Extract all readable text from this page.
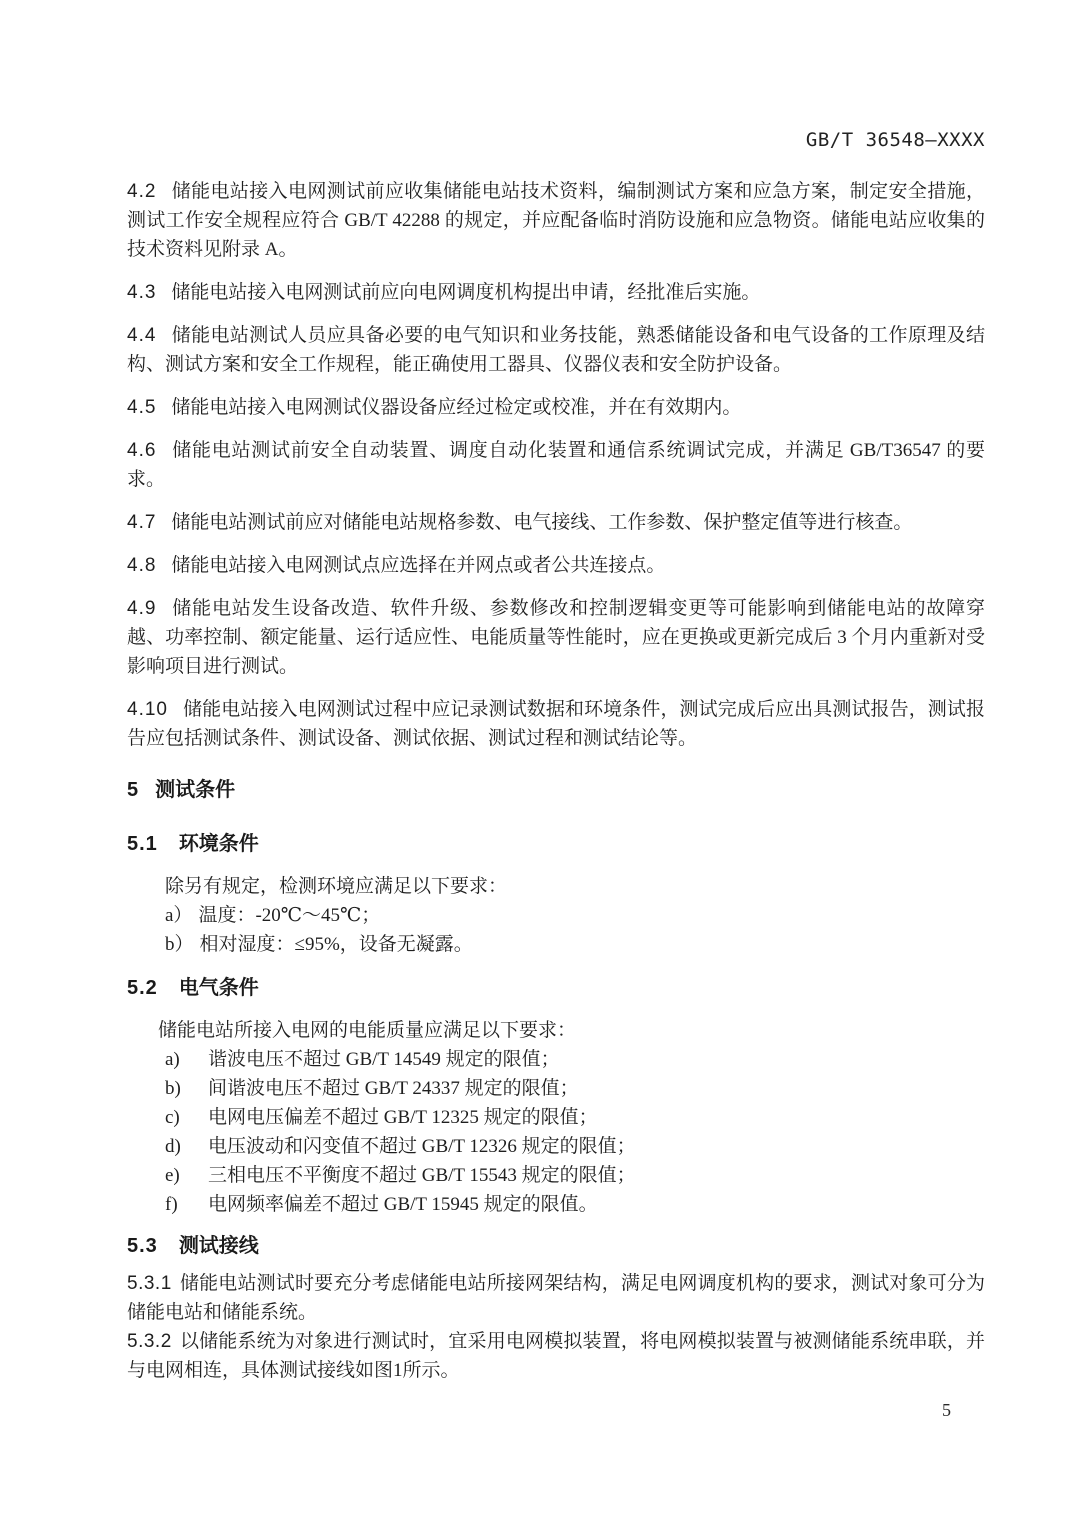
GB/T 36548—XXXX

4.2 储能电站接入电网测试前应收集储能电站技术资料，编制测试方案和应急方案，制定安全措施，测试工作安全规程应符合 GB/T 42288 的规定，并应配备临时消防设施和应急物资。储能电站应收集的技术资料见附录 A。

4.3 储能电站接入电网测试前应向电网调度机构提出申请，经批准后实施。

4.4 储能电站测试人员应具备必要的电气知识和业务技能，熟悉储能设备和电气设备的工作原理及结构、测试方案和安全工作规程，能正确使用工器具、仪器仪表和安全防护设备。

4.5 储能电站接入电网测试仪器设备应经过检定或校准，并在有效期内。

4.6 储能电站测试前安全自动装置、调度自动化装置和通信系统调试完成，并满足 GB/T36547 的要求。

4.7 储能电站测试前应对储能电站规格参数、电气接线、工作参数、保护整定值等进行核查。

4.8 储能电站接入电网测试点应选择在并网点或者公共连接点。

4.9 储能电站发生设备改造、软件升级、参数修改和控制逻辑变更等可能影响到储能电站的故障穿越、功率控制、额定能量、运行适应性、电能质量等性能时，应在更换或更新完成后 3 个月内重新对受影响项目进行测试。

4.10 储能电站接入电网测试过程中应记录测试数据和环境条件，测试完成后应出具测试报告，测试报告应包括测试条件、测试设备、测试依据、测试过程和测试结论等。

5 测试条件
5.1 环境条件

除另有规定，检测环境应满足以下要求：

a） 温度：-20℃～45℃；

b） 相对湿度：≤95%，设备无凝露。

5.2 电气条件

储能电站所接入电网的电能质量应满足以下要求：

a)	谐波电压不超过 GB/T 14549 规定的限值；
b)	间谐波电压不超过 GB/T 24337 规定的限值；
c)	电网电压偏差不超过 GB/T 12325 规定的限值；
d)	电压波动和闪变值不超过 GB/T 12326 规定的限值；
e)	三相电压不平衡度不超过 GB/T 15543 规定的限值；
f)	电网频率偏差不超过 GB/T 15945 规定的限值。
5.3 测试接线

5.3.1 储能电站测试时要充分考虑储能电站所接网架结构，满足电网调度机构的要求，测试对象可分为储能电站和储能系统。

5.3.2 以储能系统为对象进行测试时，宜采用电网模拟装置，将电网模拟装置与被测储能系统串联，并与电网相连，具体测试接线如图1所示。

5
